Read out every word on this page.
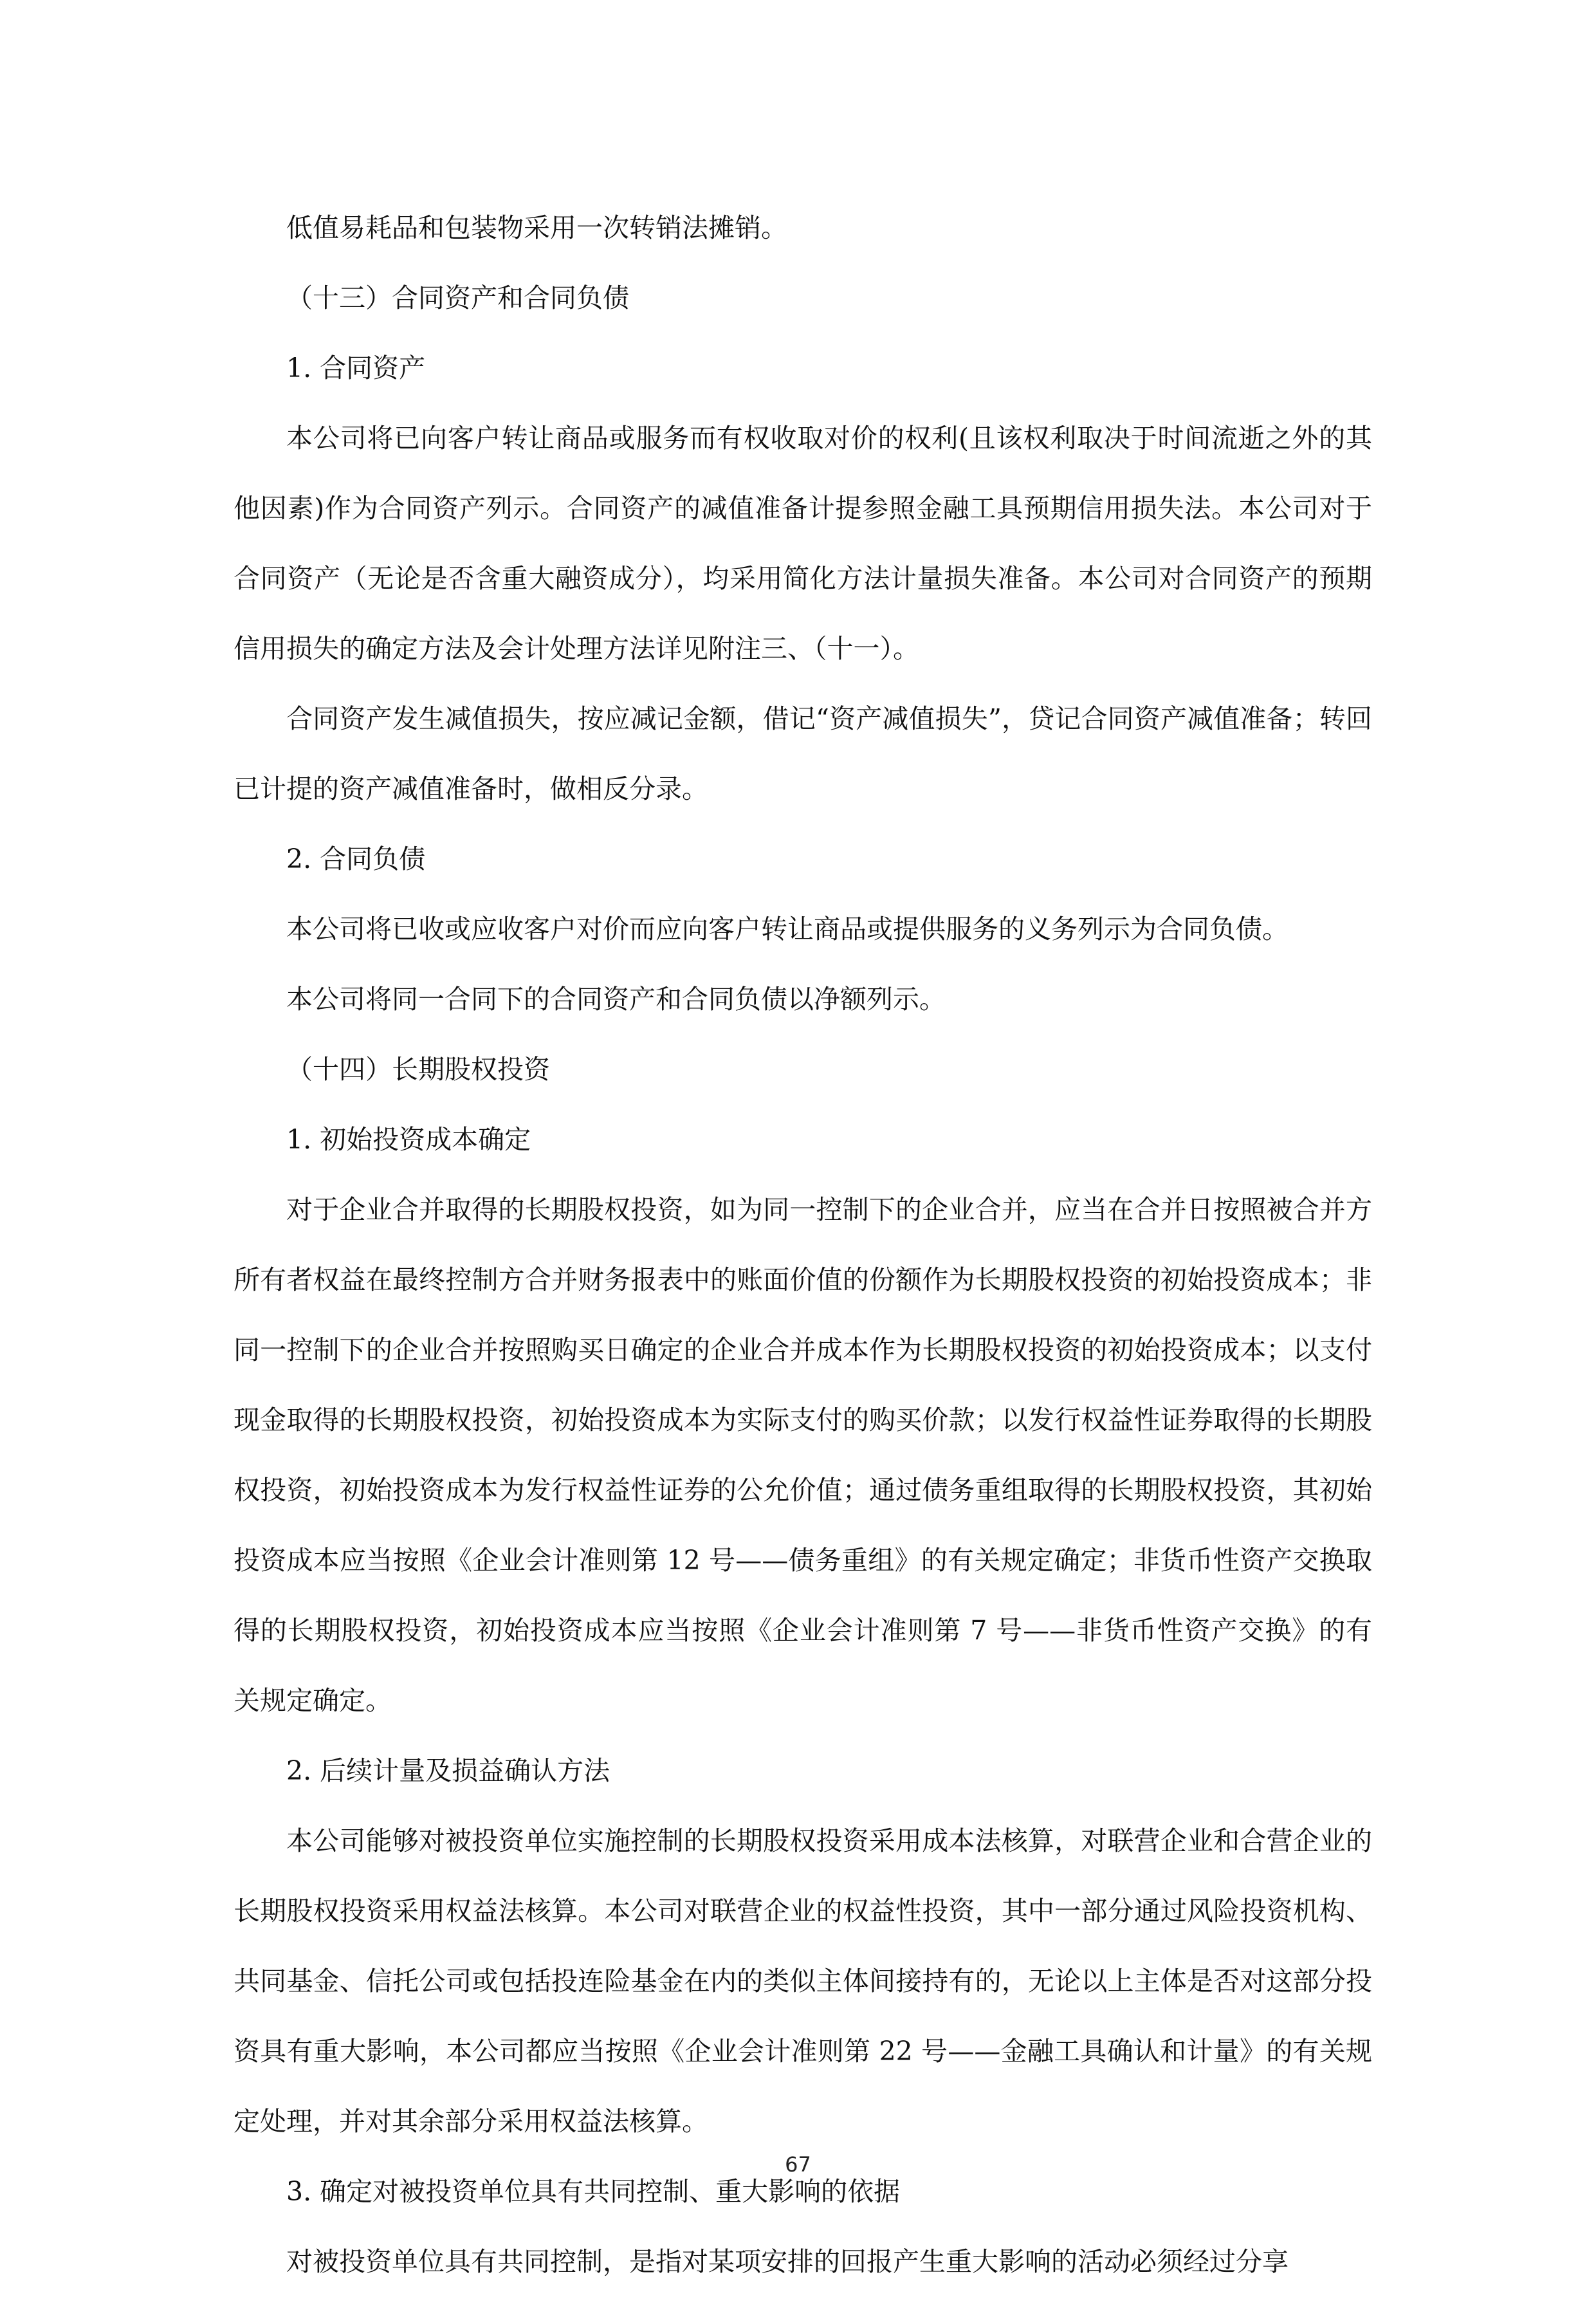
低值易耗品和包装物采用一次转销法摊销。

（十三）合同资产和合同负债

1. 合同资产

本公司将已向客户转让商品或服务而有权收取对价的权利(且该权利取决于时间流逝之外的其他因素)作为合同资产列示。合同资产的减值准备计提参照金融工具预期信用损失法。本公司对于合同资产（无论是否含重大融资成分），均采用简化方法计量损失准备。本公司对合同资产的预期信用损失的确定方法及会计处理方法详见附注三、（十一）。

合同资产发生减值损失，按应减记金额，借记“资产减值损失”，贷记合同资产减值准备；转回已计提的资产减值准备时，做相反分录。

2. 合同负债

本公司将已收或应收客户对价而应向客户转让商品或提供服务的义务列示为合同负债。

本公司将同一合同下的合同资产和合同负债以净额列示。

（十四）长期股权投资

1. 初始投资成本确定

对于企业合并取得的长期股权投资，如为同一控制下的企业合并，应当在合并日按照被合并方所有者权益在最终控制方合并财务报表中的账面价值的份额作为长期股权投资的初始投资成本；非同一控制下的企业合并按照购买日确定的企业合并成本作为长期股权投资的初始投资成本；以支付现金取得的长期股权投资，初始投资成本为实际支付的购买价款；以发行权益性证券取得的长期股权投资，初始投资成本为发行权益性证券的公允价值；通过债务重组取得的长期股权投资，其初始投资成本应当按照《企业会计准则第 12 号——债务重组》的有关规定确定；非货币性资产交换取得的长期股权投资，初始投资成本应当按照《企业会计准则第 7 号——非货币性资产交换》的有关规定确定。

2. 后续计量及损益确认方法

本公司能够对被投资单位实施控制的长期股权投资采用成本法核算，对联营企业和合营企业的长期股权投资采用权益法核算。本公司对联营企业的权益性投资，其中一部分通过风险投资机构、共同基金、信托公司或包括投连险基金在内的类似主体间接持有的，无论以上主体是否对这部分投资具有重大影响，本公司都应当按照《企业会计准则第 22 号——金融工具确认和计量》的有关规定处理，并对其余部分采用权益法核算。

3. 确定对被投资单位具有共同控制、重大影响的依据

对被投资单位具有共同控制，是指对某项安排的回报产生重大影响的活动必须经过分享

67
